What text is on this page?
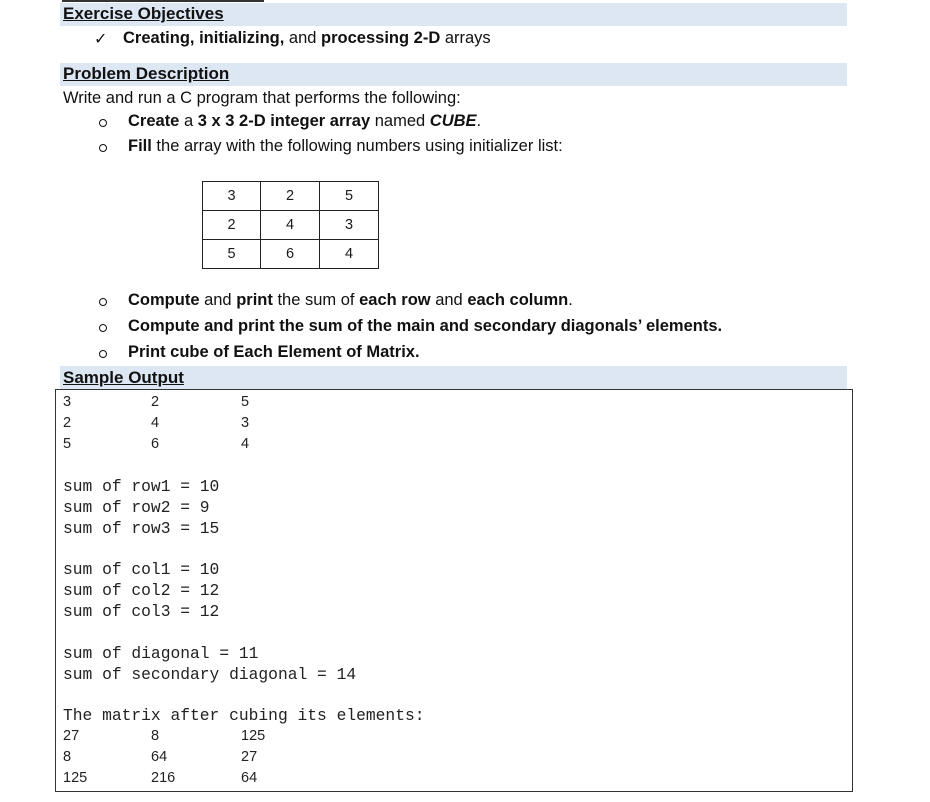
Exercise Objectives
✓ Creating, initializing, and processing 2-D arrays
Problem Description
Write and run a C program that performs the following:
Create a 3 x 3 2-D integer array named CUBE.
Fill the array with the following numbers using initializer list:
3	2	5
2	4	3
5	6	4
Compute and print the sum of each row and each column.
Compute and print the sum of the main and secondary diagonals’ elements.
Print cube of Each Element of Matrix.
Sample Output
3	2	5
2	4	3
5	6	4
sum of row1 = 10
sum of row2 = 9
sum of row3 = 15
sum of col1 = 10
sum of col2 = 12
sum of col3 = 12
sum of diagonal = 11
sum of secondary diagonal = 14
The matrix after cubing its elements:
27	8	125
8	64	27
125	216	64
